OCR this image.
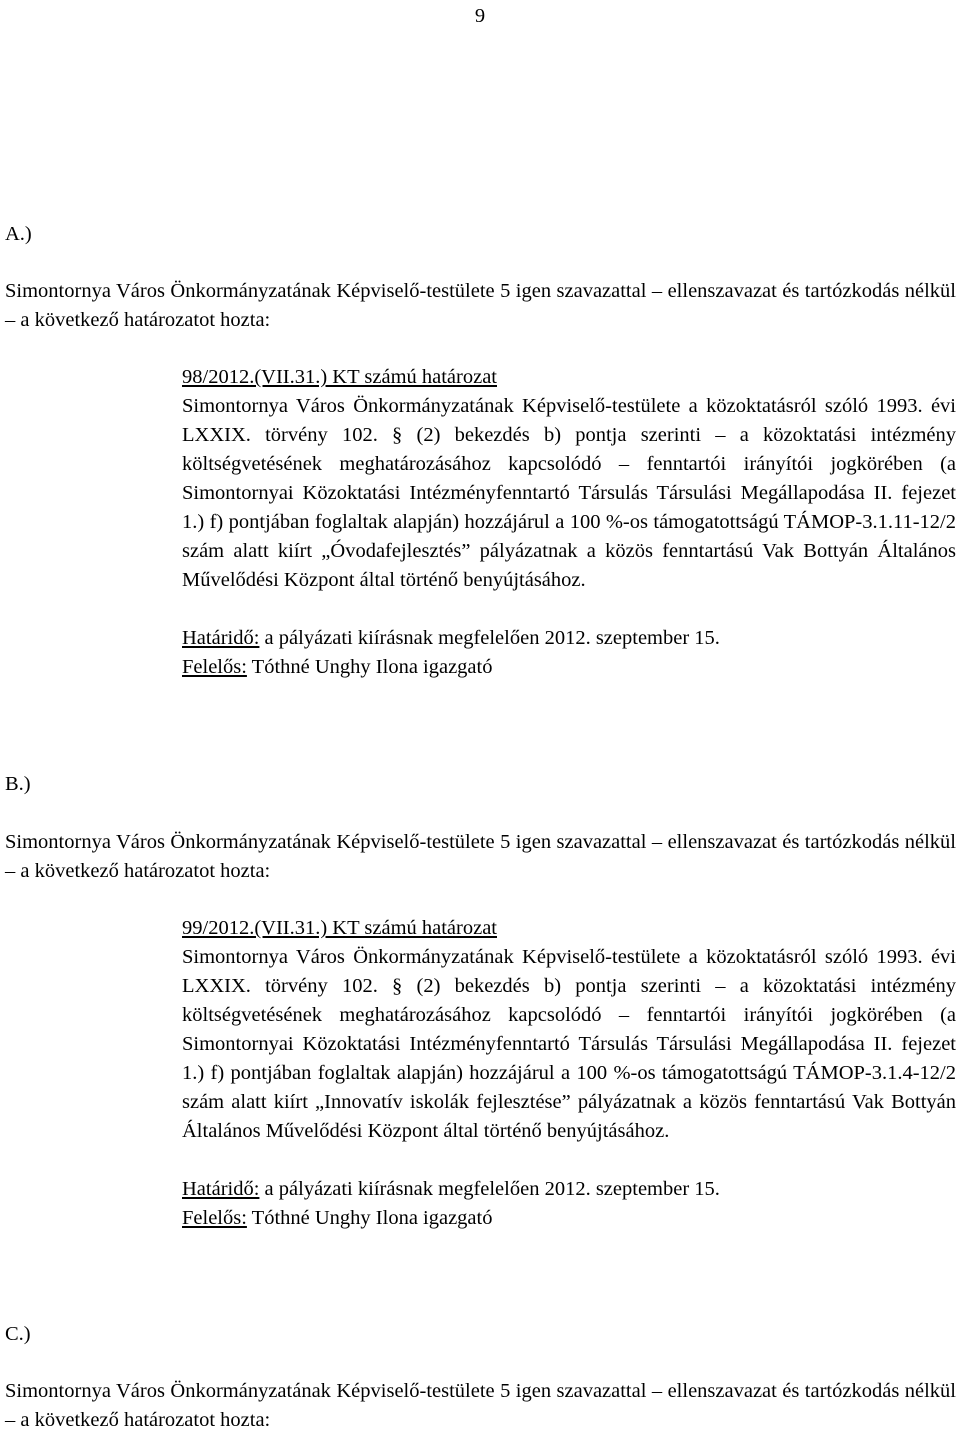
9
A.)
Simontornya Város Önkormányzatának Képviselő-testülete 5 igen szavazattal – ellenszavazat és tartózkodás nélkül – a következő határozatot hozta:
98/2012.(VII.31.) KT számú határozat
Simontornya Város Önkormányzatának Képviselő-testülete a közoktatásról szóló 1993. évi LXXIX. törvény 102. § (2) bekezdés b) pontja szerinti – a közoktatási intézmény költségvetésének meghatározásához kapcsolódó – fenntartói irányítói jogkörében (a Simontornyai Közoktatási Intézményfenntartó Társulás Társulási Megállapodása II. fejezet 1.) f) pontjában foglaltak alapján) hozzájárul a 100 %-os támogatottságú TÁMOP-3.1.11-12/2 szám alatt kiírt „Óvodafejlesztés” pályázatnak a közös fenntartású Vak Bottyán Általános Művelődési Központ által történő benyújtásához.
Határidő: a pályázati kiírásnak megfelelően 2012. szeptember 15.
Felelős: Tóthné Unghy Ilona igazgató
B.)
Simontornya Város Önkormányzatának Képviselő-testülete 5 igen szavazattal – ellenszavazat és tartózkodás nélkül – a következő határozatot hozta:
99/2012.(VII.31.) KT számú határozat
Simontornya Város Önkormányzatának Képviselő-testülete a közoktatásról szóló 1993. évi LXXIX. törvény 102. § (2) bekezdés b) pontja szerinti – a közoktatási intézmény költségvetésének meghatározásához kapcsolódó – fenntartói irányítói jogkörében (a Simontornyai Közoktatási Intézményfenntartó Társulás Társulási Megállapodása II. fejezet 1.) f) pontjában foglaltak alapján) hozzájárul a 100 %-os támogatottságú TÁMOP-3.1.4-12/2 szám alatt kiírt „Innovatív iskolák fejlesztése” pályázatnak a közös fenntartású Vak Bottyán Általános Művelődési Központ által történő benyújtásához.
Határidő: a pályázati kiírásnak megfelelően 2012. szeptember 15.
Felelős: Tóthné Unghy Ilona igazgató
C.)
Simontornya Város Önkormányzatának Képviselő-testülete 5 igen szavazattal – ellenszavazat és tartózkodás nélkül – a következő határozatot hozta:
